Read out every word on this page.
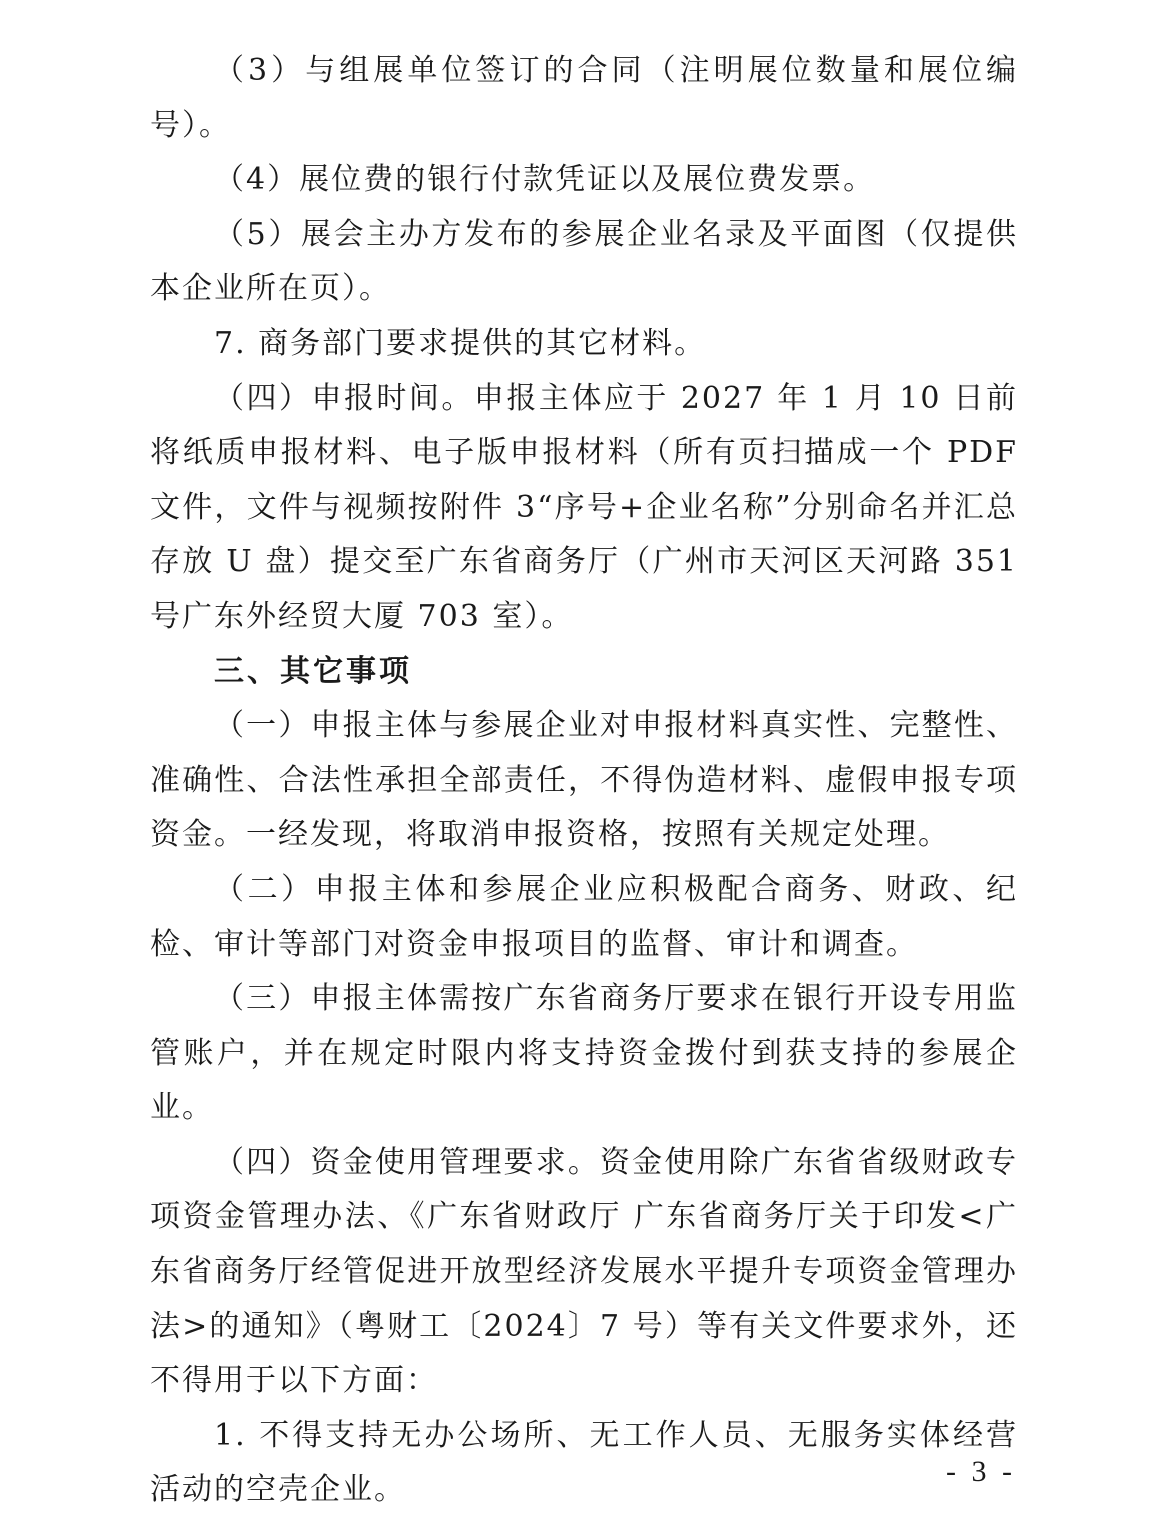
（3）与组展单位签订的合同（注明展位数量和展位编号）。

（4）展位费的银行付款凭证以及展位费发票。

（5）展会主办方发布的参展企业名录及平面图（仅提供本企业所在页）。

7. 商务部门要求提供的其它材料。

（四）申报时间。申报主体应于 2027 年 1 月 10 日前将纸质申报材料、电子版申报材料（所有页扫描成一个 PDF 文件，文件与视频按附件 3“序号+企业名称”分别命名并汇总存放 U 盘）提交至广东省商务厅（广州市天河区天河路 351 号广东外经贸大厦 703 室）。

三、其它事项

（一）申报主体与参展企业对申报材料真实性、完整性、准确性、合法性承担全部责任，不得伪造材料、虚假申报专项资金。一经发现，将取消申报资格，按照有关规定处理。

（二）申报主体和参展企业应积极配合商务、财政、纪检、审计等部门对资金申报项目的监督、审计和调查。

（三）申报主体需按广东省商务厅要求在银行开设专用监管账户，并在规定时限内将支持资金拨付到获支持的参展企业。

（四）资金使用管理要求。资金使用除广东省省级财政专项资金管理办法、《广东省财政厅 广东省商务厅关于印发<广东省商务厅经管促进开放型经济发展水平提升专项资金管理办法>的通知》（粤财工〔2024〕7 号）等有关文件要求外，还不得用于以下方面：

1. 不得支持无办公场所、无工作人员、无服务实体经营活动的空壳企业。

- 3 -
